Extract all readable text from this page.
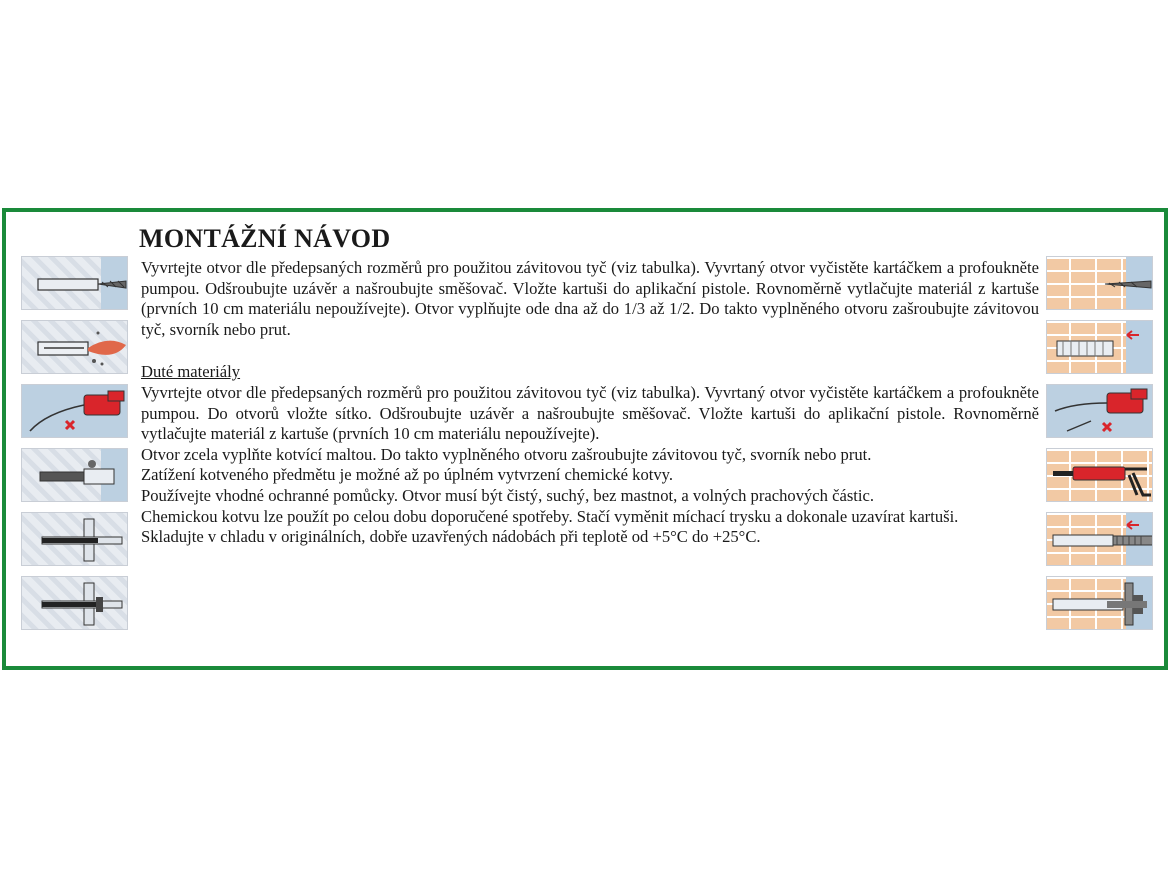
MONTÁŽNÍ NÁVOD

Vyvrtejte otvor dle předepsaných rozměrů pro použitou závitovou tyč (viz tabulka). Vyvrtaný otvor vyčistěte kartáčkem a profoukněte pumpou. Odšroubujte uzávěr a našroubujte směšovač. Vložte kartuši do aplikační pistole. Rovnoměrně vytlačujte materiál z kartuše (prvních 10 cm materiálu nepoužívejte). Otvor vyplňujte ode dna až do 1/3 až 1/2. Do takto vyplněného otvoru zašroubujte závitovou tyč, svorník nebo prut.

Duté materiály

Vyvrtejte otvor dle předepsaných rozměrů pro použitou závitovou tyč (viz tabulka). Vyvrtaný otvor vyčistěte kartáčkem a profoukněte pumpou. Do otvorů vložte sítko. Odšroubujte uzávěr a našroubujte směšovač. Vložte kartuši do aplikační pistole. Rovnoměrně vytlačujte materiál z kartuše (prvních 10 cm materiálu nepoužívejte).

Otvor zcela vyplňte kotvící maltou. Do takto vyplněného otvoru zašroubujte závitovou tyč, svorník nebo prut.

Zatížení kotveného předmětu je možné až po úplném vytvrzení chemické kotvy.

Používejte vhodné ochranné pomůcky. Otvor musí být čistý, suchý, bez mastnot, a volných prachových částic.

Chemickou kotvu lze použít po celou dobu doporučené spotřeby. Stačí vyměnit míchací trysku a dokonale uzavírat kartuši.

Skladujte v chladu v originálních, dobře uzavřených nádobách při teplotě od +5°C do +25°C.
